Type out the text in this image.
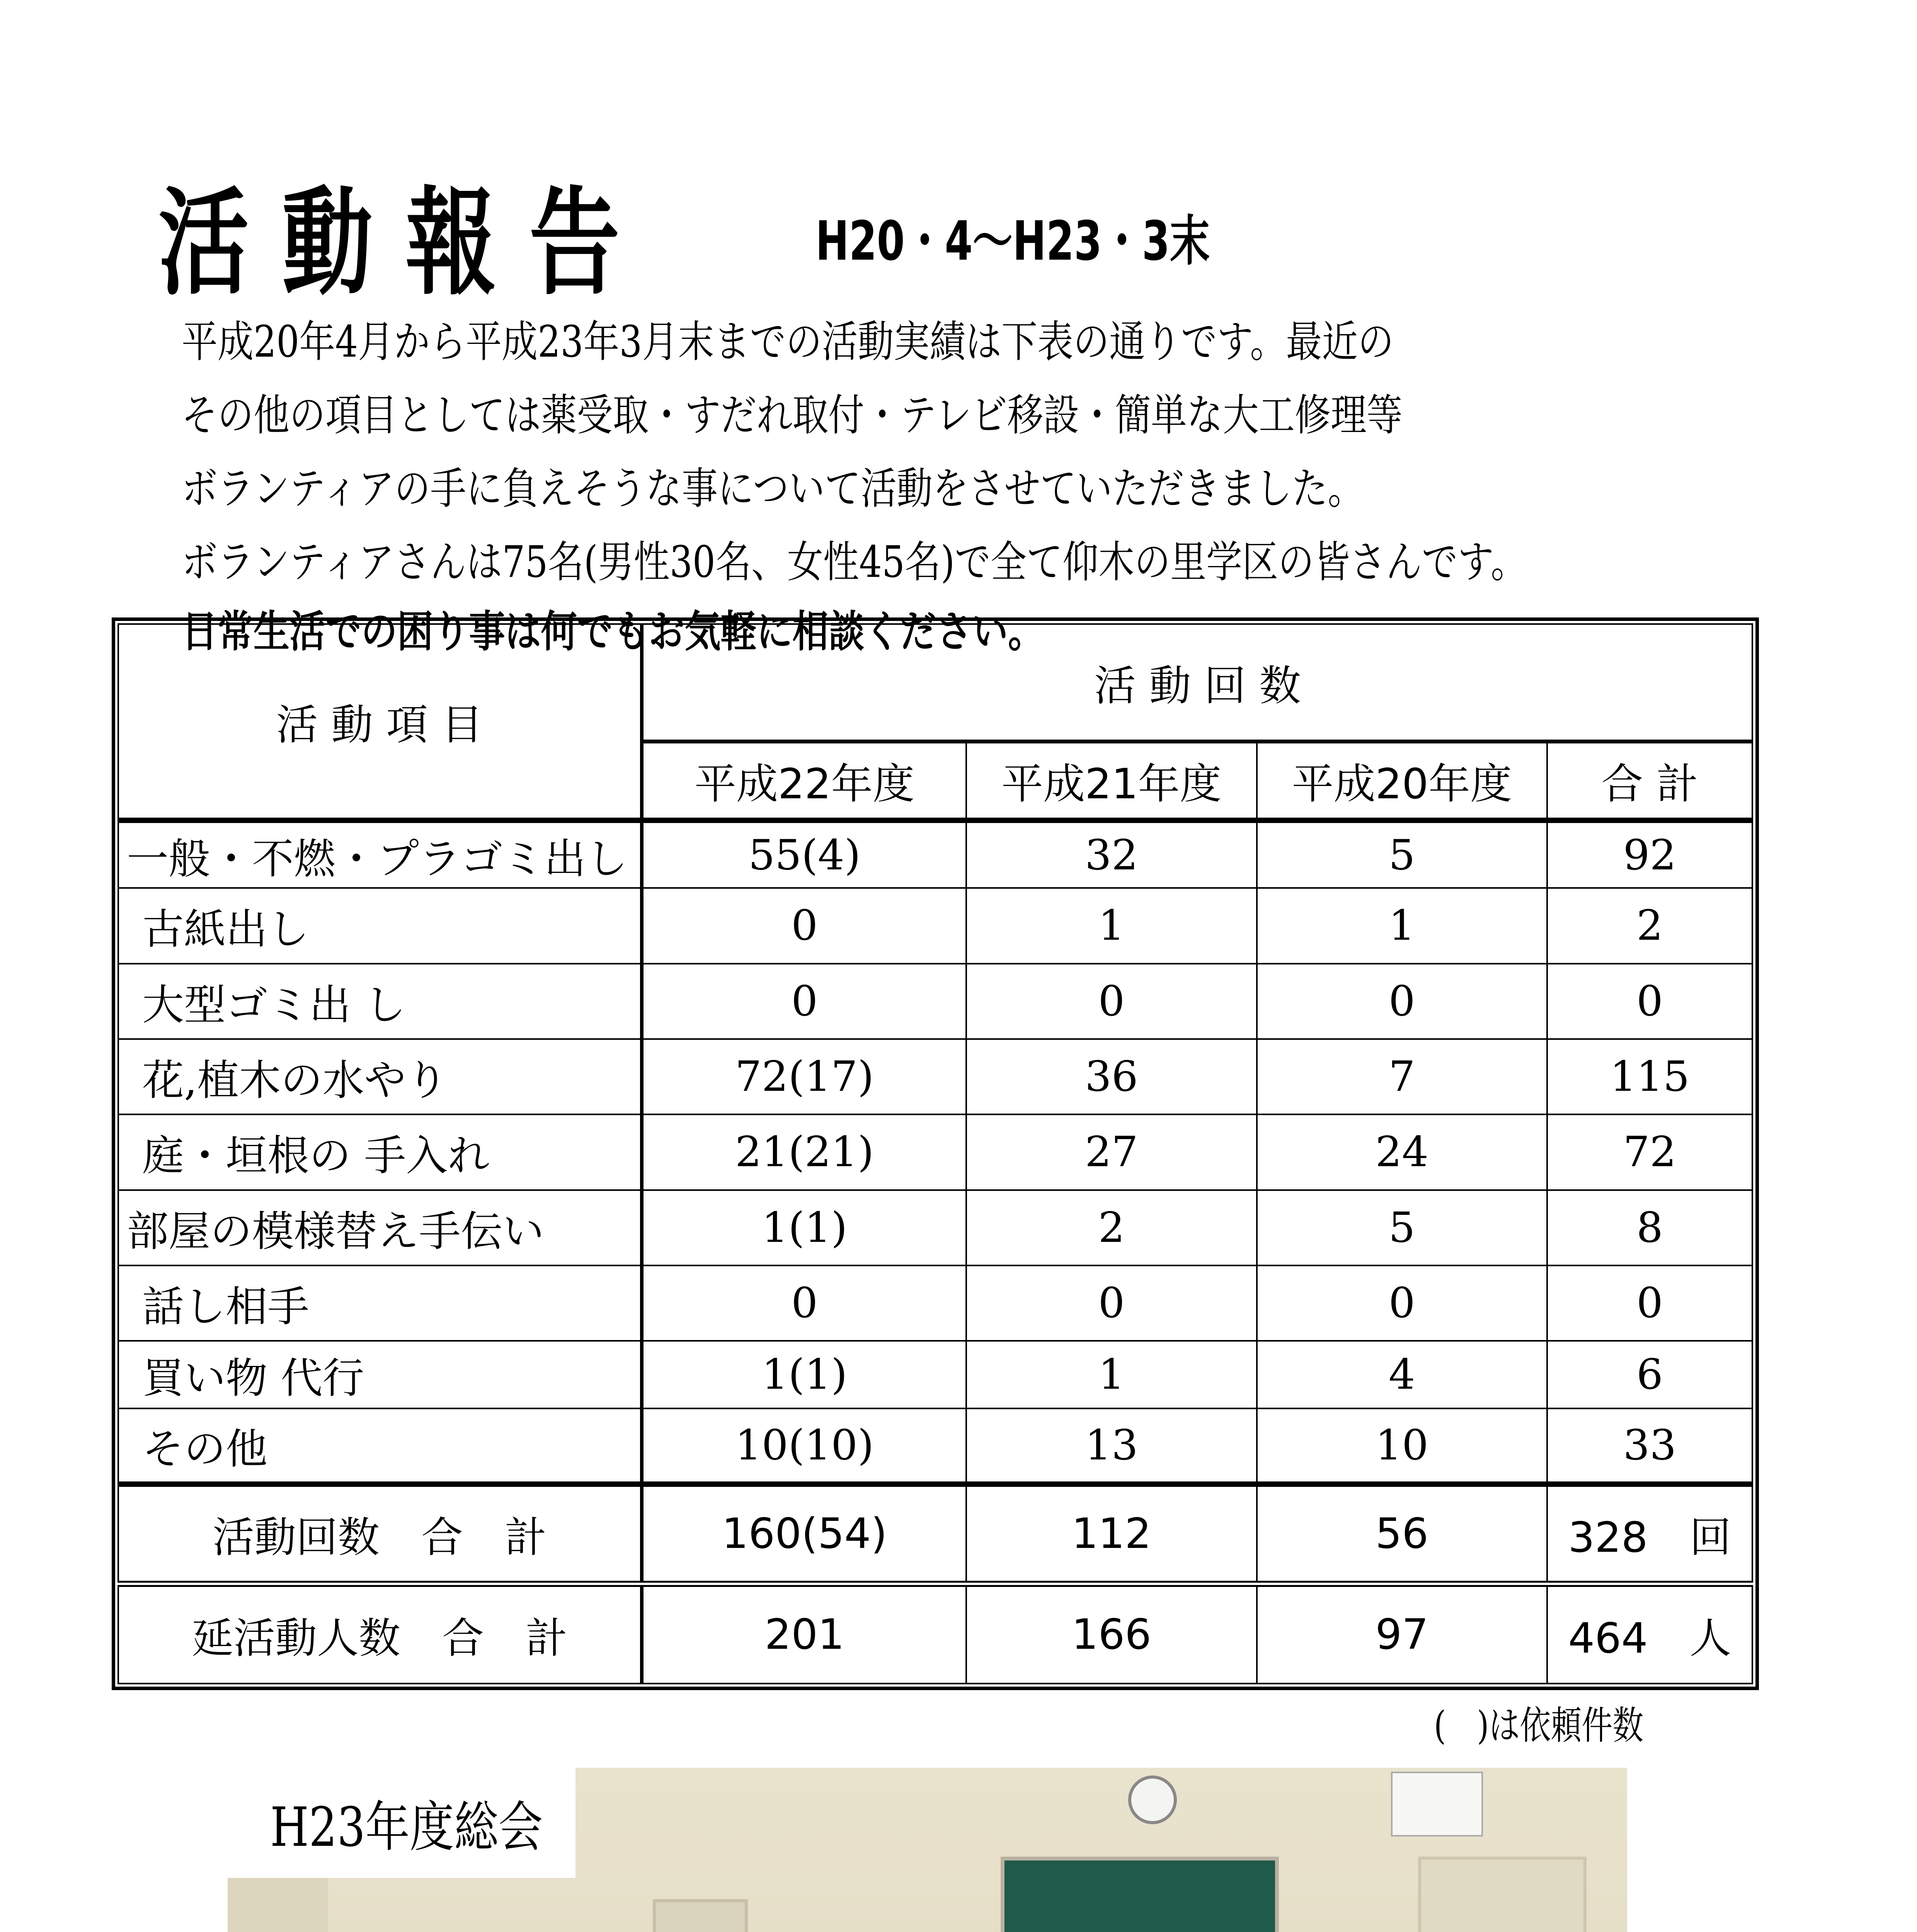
活動報告	H20・4～H23・3末

平成20年4月から平成23年3月末までの活動実績は下表の通りです。最近の

その他の項目としては薬受取・すだれ取付・テレビ移設・簡単な大工修理等

ボランティアの手に負えそうな事について活動をさせていただきました。

ボランティアさんは75名(男性30名、女性45名)で全て仰木の里学区の皆さんです。

日常生活での困り事は何でもお気軽に相談ください。

活 動 項 目	活 動 回 数			
	平成22年度	平成21年度	平成20年度	合 計
一般・不燃・プラゴミ出し	55(4)	32	5	92
古紙出し	0	1	1	2
大型ゴミ出 し	0	0	0	0
花,植木の水やり	72(17)	36	7	115
庭・垣根の 手入れ	21(21)	27	24	72
部屋の模様替え手伝い	1(1)	2	5	8
話し相手	0	0	0	0
買い物 代行	1(1)	1	4	6
その他	10(10)	13	10	33
活動回数　合　計	160(54)	112	56	328　回
延活動人数　合　計	201	166	97	464　人
(　)は依頼件数
H23年度総会
